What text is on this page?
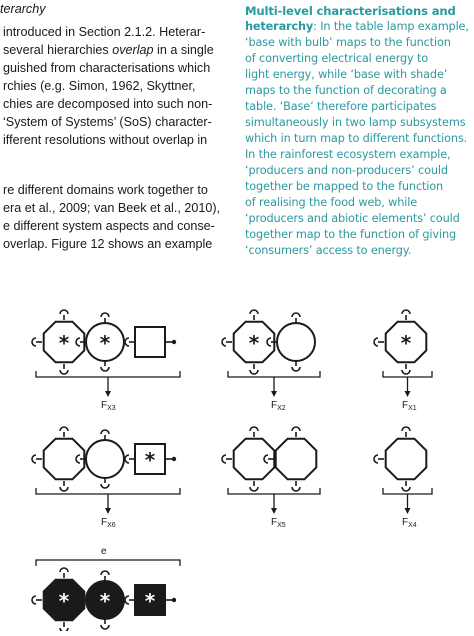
terarchy
introduced in Section 2.1.2. Heterar-
several hierarchies overlap in a single
guished from characterisations which
rchies (e.g. Simon, 1962, Skyttner,
chies are decomposed into such non-
‘System of Systems’ (SoS) character-
ifferent resolutions without overlap in
re different domains work together to
era et al., 2009; van Beek et al., 2010),
e different system aspects and conse-
overlap. Figure 12 shows an example
Multi-level characterisations and
heterarchy: In the table lamp example,
‘base with bulb’ maps to the function
of converting electrical energy to
light energy, while ‘base with shade’
maps to the function of decorating a
table. ‘Base’ therefore participates
simultaneously in two lamp subsystems
which in turn map to different functions.
In the rainforest ecosystem example,
‘producers and non-producers’ could
together be mapped to the function
of realising the food web, while
‘producers and abiotic elements’ could
together map to the function of giving
‘consumers’ access to energy.
* *	*	*
*
* * *
$F_{X3}$	$F_{X2}$	$F_{X1}$
$F_{X6}$	$F_{X5}$	$F_{X4}$
e
